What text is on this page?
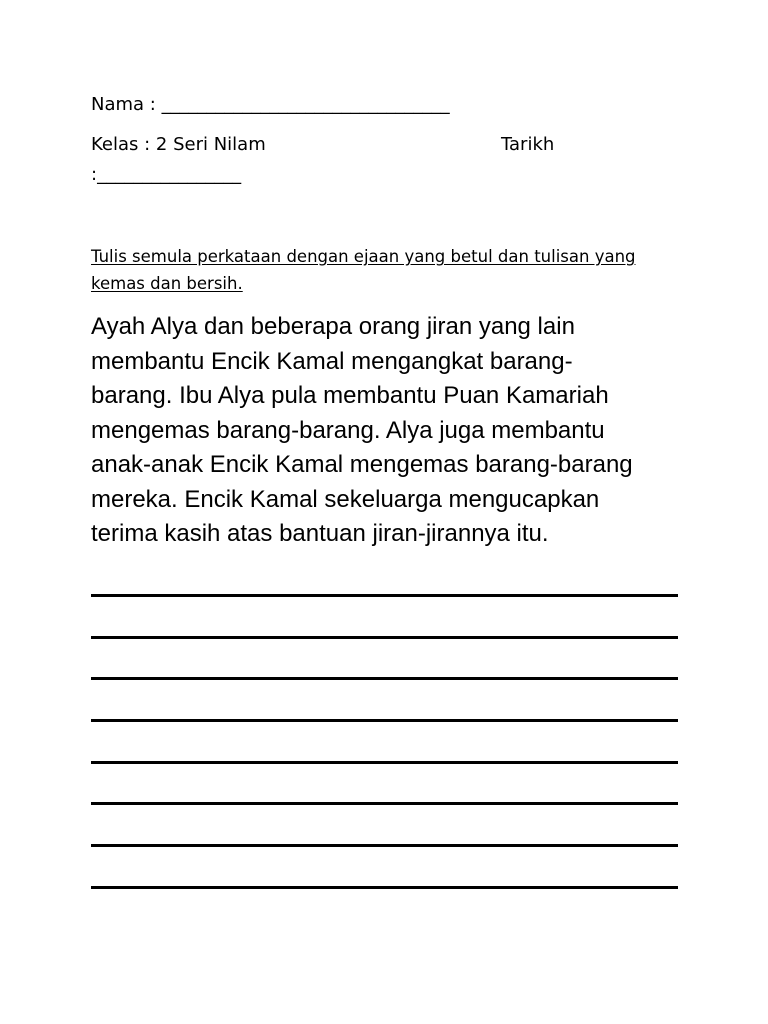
Nama : ________________________________
Kelas : 2 Seri Nilam	Tarikh
:________________
Tulis semula perkataan dengan ejaan yang betul dan tulisan yang kemas dan bersih.
Ayah Alya dan beberapa orang jiran yang lain
membantu Encik Kamal mengangkat barang-
barang. Ibu Alya pula membantu Puan Kamariah
mengemas barang-barang. Alya juga membantu
anak-anak Encik Kamal mengemas barang-barang
mereka. Encik Kamal sekeluarga mengucapkan
terima kasih atas bantuan jiran-jirannya itu.
